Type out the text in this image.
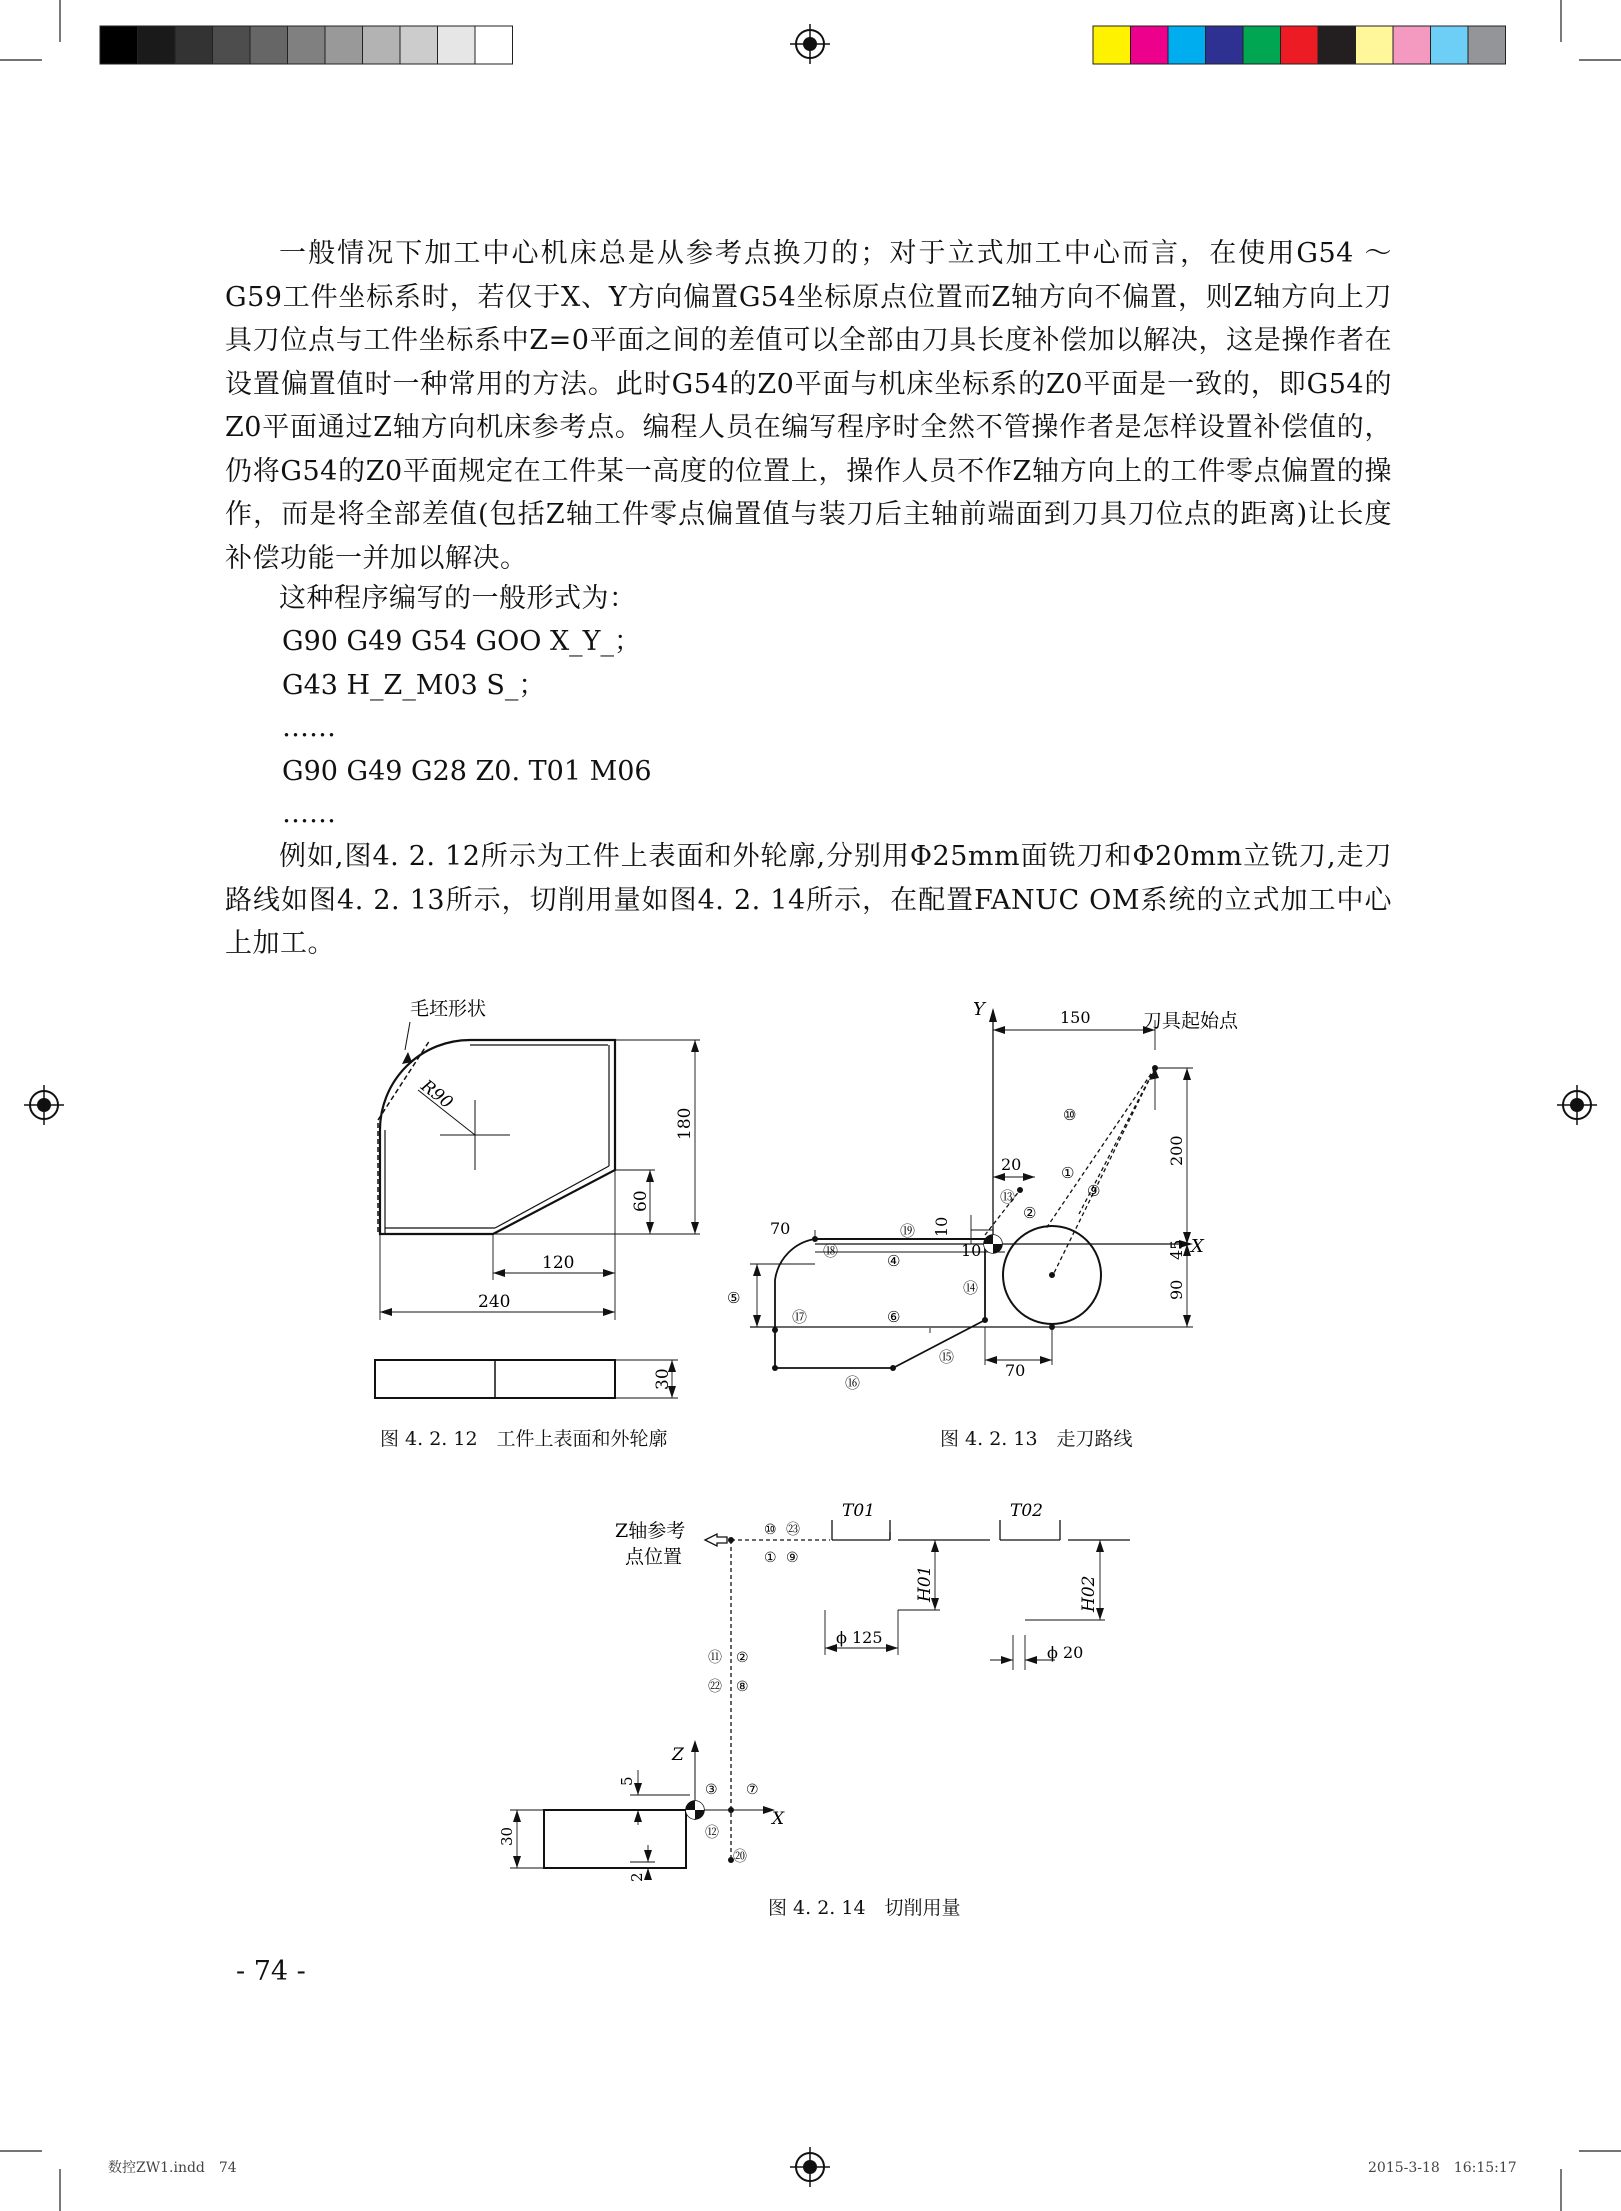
一般情况下加工中心机床总是从参考点换刀的；对于立式加工中心而言，在使用G54 ～ G59工件坐标系时，若仅于X、Y方向偏置G54坐标原点位置而Z轴方向不偏置，则Z轴方向上刀具刀位点与工件坐标系中Z=0平面之间的差值可以全部由刀具长度补偿加以解决，这是操作者在设置偏置值时一种常用的方法。此时G54的Z0平面与机床坐标系的Z0平面是一致的，即G54的Z0平面通过Z轴方向机床参考点。编程人员在编写程序时全然不管操作者是怎样设置补偿值的，仍将G54的Z0平面规定在工件某一高度的位置上，操作人员不作Z轴方向上的工件零点偏置的操作，而是将全部差值(包括Z轴工件零点偏置值与装刀后主轴前端面到刀具刀位点的距离)让长度补偿功能一并加以解决。

这种程序编写的一般形式为：

G90 G49 G54 GOO X_Y_；
G43 H_Z_M03 S_；
……
G90 G49 G28 Z0. T01 M06
……

例如,图4. 2. 12所示为工件上表面和外轮廓,分别用Φ25mm面铣刀和Φ20mm立铣刀,走刀路线如图4. 2. 13所示，切削用量如图4. 2. 14所示，在配置FANUC OM系统的立式加工中心上加工。

毛坯形状
R90
180
60
120
240
30
图 4. 2. 12　工件上表面和外轮廓
Y
X
150	刀具起始点
200
20
70	10
10	45
90
70
⑩
①
⑨
⑬
②
⑲
⑱
④
⑭
⑤
⑰	⑥
⑮
⑯
图 4. 2. 13　走刀路线
Z轴参考
点位置
T01	T02
H01	H02
ϕ 125
ϕ 20
Z
X
5
30
2
⑩ ㉓
① ⑨
⑪ ②
㉒ ⑧
③ ⑦
⑫
⑳
图 4. 2. 14　切削用量
- 74 -
数控ZW1.indd　74	2015-3-18　16:15:17
